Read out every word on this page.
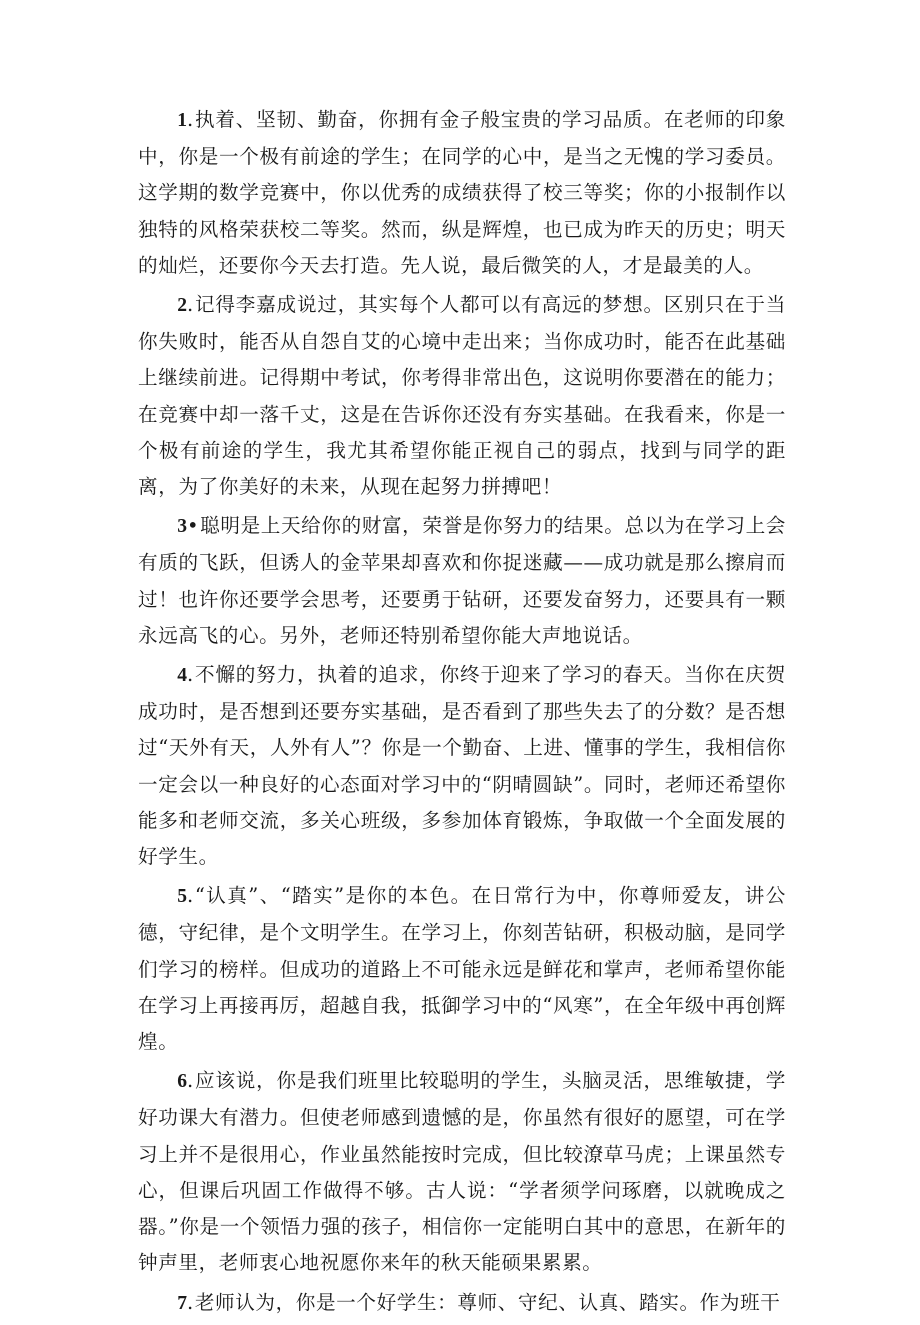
1.执着、坚韧、勤奋，你拥有金子般宝贵的学习品质。在老师的印象中，你是一个极有前途的学生；在同学的心中，是当之无愧的学习委员。这学期的数学竞赛中，你以优秀的成绩获得了校三等奖；你的小报制作以独特的风格荣获校二等奖。然而，纵是辉煌，也已成为昨天的历史；明天的灿烂，还要你今天去打造。先人说，最后微笑的人，才是最美的人。

2.记得李嘉成说过，其实每个人都可以有高远的梦想。区别只在于当你失败时，能否从自怨自艾的心境中走出来；当你成功时，能否在此基础上继续前进。记得期中考试，你考得非常出色，这说明你要潜在的能力；在竞赛中却一落千丈，这是在告诉你还没有夯实基础。在我看来，你是一个极有前途的学生，我尤其希望你能正视自己的弱点，找到与同学的距离，为了你美好的未来，从现在起努力拼搏吧！

3•聪明是上天给你的财富，荣誉是你努力的结果。总以为在学习上会有质的飞跃，但诱人的金苹果却喜欢和你捉迷藏——成功就是那么擦肩而过！也许你还要学会思考，还要勇于钻研，还要发奋努力，还要具有一颗永远高飞的心。另外，老师还特别希望你能大声地说话。

4.不懈的努力，执着的追求，你终于迎来了学习的春天。当你在庆贺成功时，是否想到还要夯实基础，是否看到了那些失去了的分数？是否想过“天外有天，人外有人”？你是一个勤奋、上进、懂事的学生，我相信你一定会以一种良好的心态面对学习中的“阴晴圆缺”。同时，老师还希望你能多和老师交流，多关心班级，多参加体育锻炼，争取做一个全面发展的好学生。

5.“认真”、“踏实”是你的本色。在日常行为中，你尊师爱友，讲公德，守纪律，是个文明学生。在学习上，你刻苦钻研，积极动脑，是同学们学习的榜样。但成功的道路上不可能永远是鲜花和掌声，老师希望你能在学习上再接再厉，超越自我，抵御学习中的“风寒”，在全年级中再创辉煌。

6.应该说，你是我们班里比较聪明的学生，头脑灵活，思维敏捷，学好功课大有潜力。但使老师感到遗憾的是，你虽然有很好的愿望，可在学习上并不是很用心，作业虽然能按时完成，但比较潦草马虎；上课虽然专心，但课后巩固工作做得不够。古人说：“学者须学问琢磨，以就晚成之器。”你是一个领悟力强的孩子，相信你一定能明白其中的意思，在新年的钟声里，老师衷心地祝愿你来年的秋天能硕果累累。

7.老师认为，你是一个好学生：尊师、守纪、认真、踏实。作为班干
